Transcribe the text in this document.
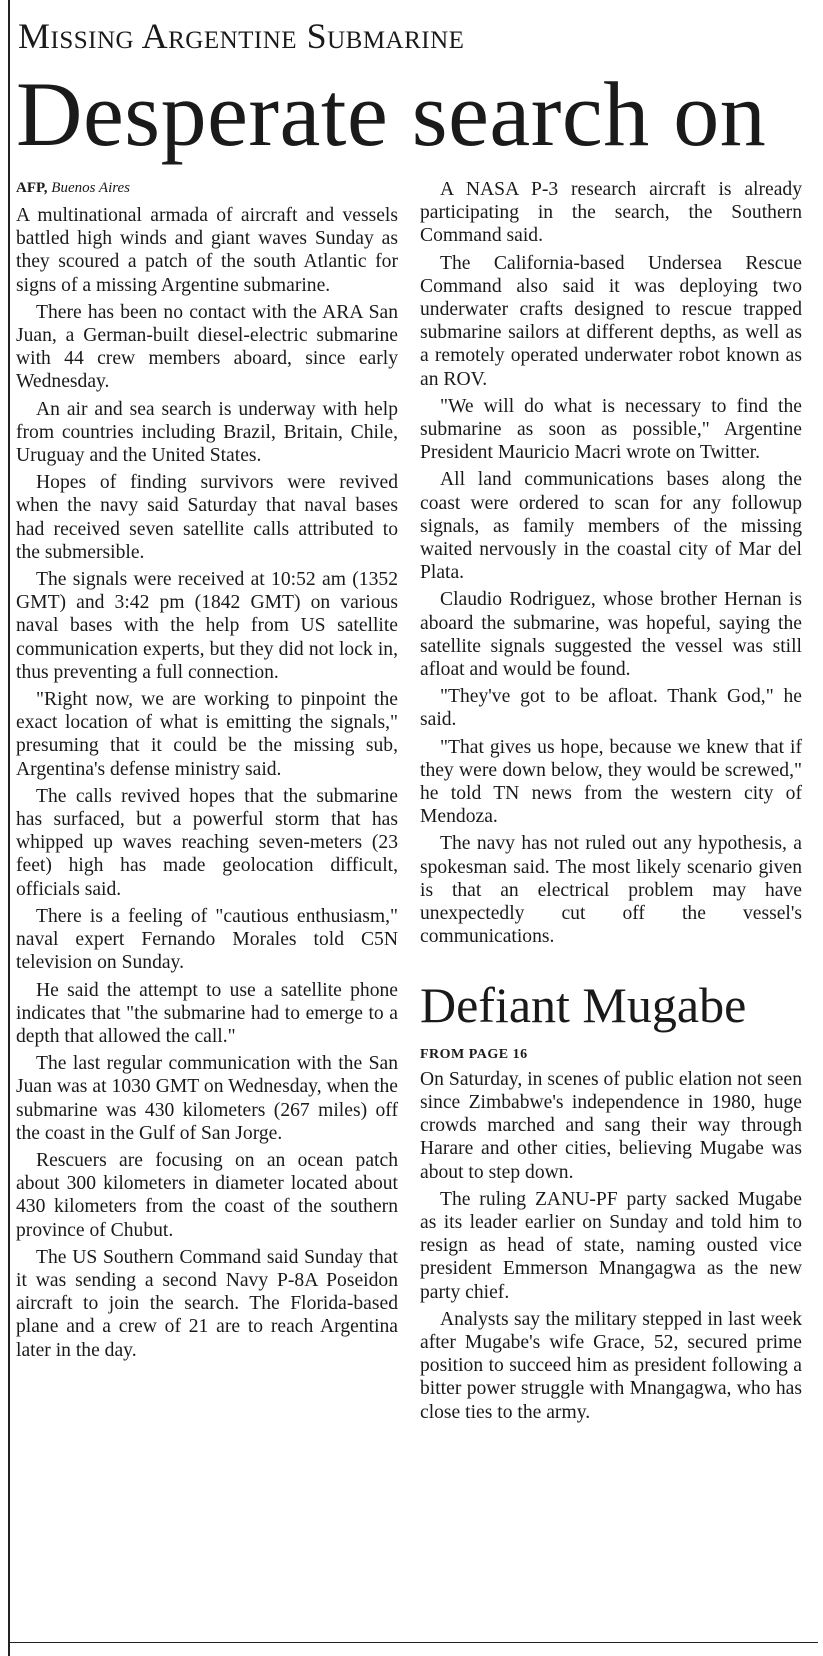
Missing Argentine Submarine
Desperate search on
AFP, Buenos Aires

A multinational armada of aircraft and vessels battled high winds and giant waves Sunday as they scoured a patch of the south Atlantic for signs of a missing Argentine submarine.

There has been no contact with the ARA San Juan, a German-built diesel-electric submarine with 44 crew members aboard, since early Wednesday.

An air and sea search is underway with help from countries including Brazil, Britain, Chile, Uruguay and the United States.

Hopes of finding survivors were revived when the navy said Saturday that naval bases had received seven satellite calls attributed to the submersible.

The signals were received at 10:52 am (1352 GMT) and 3:42 pm (1842 GMT) on various naval bases with the help from US satellite communication experts, but they did not lock in, thus preventing a full connection.

"Right now, we are working to pinpoint the exact location of what is emitting the signals," presuming that it could be the missing sub, Argentina's defense ministry said.

The calls revived hopes that the submarine has surfaced, but a powerful storm that has whipped up waves reaching seven-meters (23 feet) high has made geolocation difficult, officials said.

There is a feeling of "cautious enthusiasm," naval expert Fernando Morales told C5N television on Sunday.

He said the attempt to use a satellite phone indicates that "the submarine had to emerge to a depth that allowed the call."

The last regular communication with the San Juan was at 1030 GMT on Wednesday, when the submarine was 430 kilometers (267 miles) off the coast in the Gulf of San Jorge.

Rescuers are focusing on an ocean patch about 300 kilometers in diameter located about 430 kilometers from the coast of the southern province of Chubut.

The US Southern Command said Sunday that it was sending a second Navy P-8A Poseidon aircraft to join the search. The Florida-based plane and a crew of 21 are to reach Argentina later in the day.

A NASA P-3 research aircraft is already participating in the search, the Southern Command said.

The California-based Undersea Rescue Command also said it was deploying two underwater crafts designed to rescue trapped submarine sailors at different depths, as well as a remotely operated underwater robot known as an ROV.

"We will do what is necessary to find the submarine as soon as possible," Argentine President Mauricio Macri wrote on Twitter.

All land communications bases along the coast were ordered to scan for any followup signals, as family members of the missing waited nervously in the coastal city of Mar del Plata.

Claudio Rodriguez, whose brother Hernan is aboard the submarine, was hopeful, saying the satellite signals suggested the vessel was still afloat and would be found.

"They've got to be afloat. Thank God," he said.

"That gives us hope, because we knew that if they were down below, they would be screwed," he told TN news from the western city of Mendoza.

The navy has not ruled out any hypothesis, a spokesman said. The most likely scenario given is that an electrical problem may have unexpectedly cut off the vessel's communications.

Defiant Mugabe
FROM PAGE 16

On Saturday, in scenes of public elation not seen since Zimbabwe's independence in 1980, huge crowds marched and sang their way through Harare and other cities, believing Mugabe was about to step down.

The ruling ZANU-PF party sacked Mugabe as its leader earlier on Sunday and told him to resign as head of state, naming ousted vice president Emmerson Mnangagwa as the new party chief.

Analysts say the military stepped in last week after Mugabe's wife Grace, 52, secured prime position to succeed him as president following a bitter power struggle with Mnangagwa, who has close ties to the army.
